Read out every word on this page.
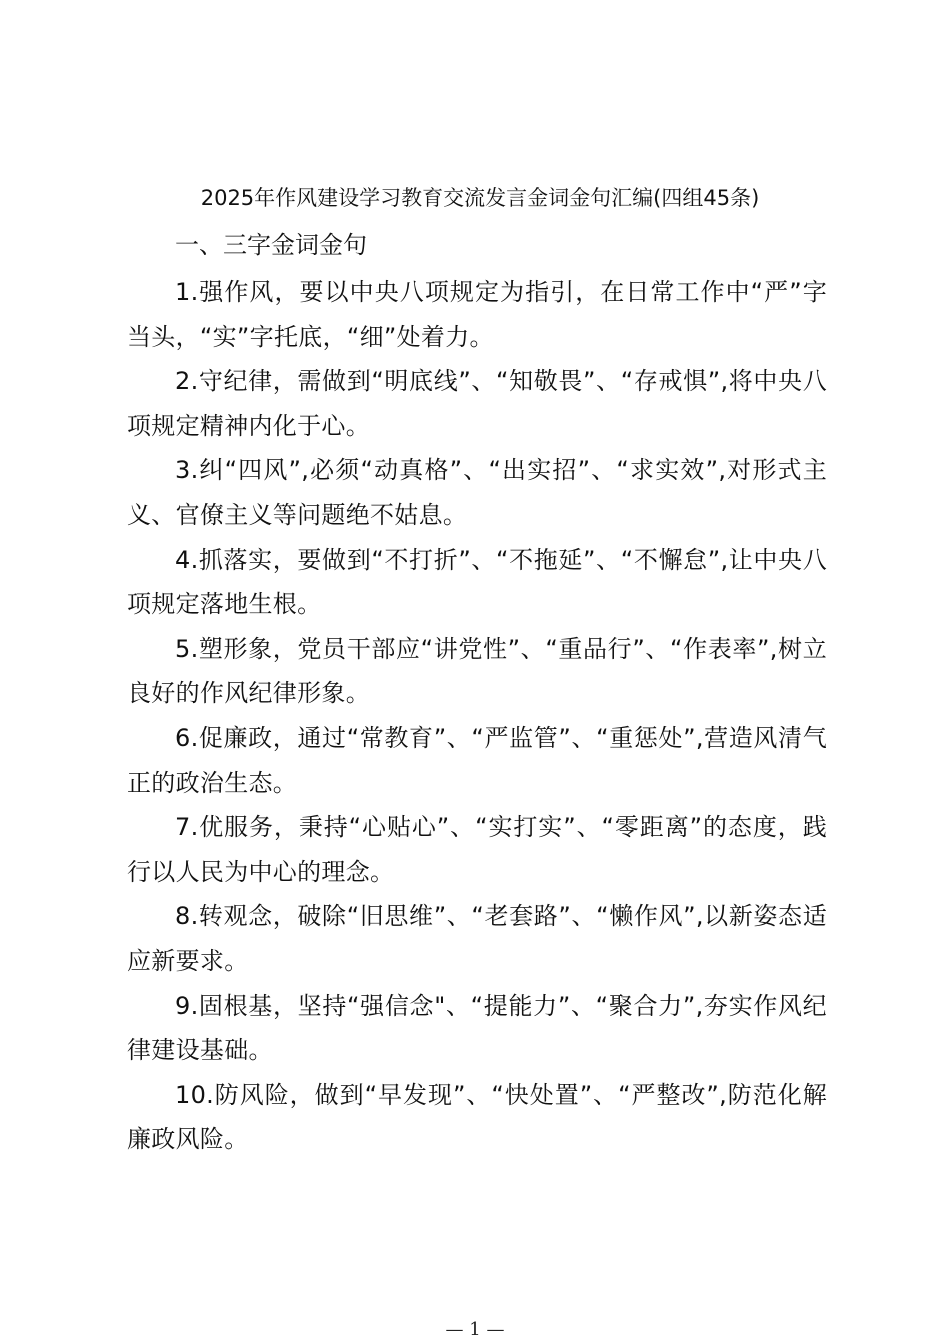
2025年作风建设学习教育交流发言金词金句汇编(四组45条)
一、三字金词金句

1.强作风，要以中央八项规定为指引，在日常工作中“严”字当头，“实”字托底，“细”处着力。

2.守纪律，需做到“明底线”、“知敬畏”、“存戒惧”,将中央八项规定精神内化于心。

3.纠“四风”,必须“动真格”、“出实招”、“求实效”,对形式主义、官僚主义等问题绝不姑息。

4.抓落实，要做到“不打折”、“不拖延”、“不懈怠”,让中央八项规定落地生根。

5.塑形象，党员干部应“讲党性”、“重品行”、“作表率”,树立良好的作风纪律形象。

6.促廉政，通过“常教育”、“严监管”、“重惩处”,营造风清气正的政治生态。

7.优服务，秉持“心贴心”、“实打实”、“零距离”的态度，践行以人民为中心的理念。

8.转观念，破除“旧思维”、“老套路”、“懒作风”,以新姿态适应新要求。

9.固根基，坚持“强信念"、“提能力”、“聚合力”,夯实作风纪律建设基础。

10.防风险，做到“早发现”、“快处置”、“严整改”,防范化解廉政风险。

— 1 —
